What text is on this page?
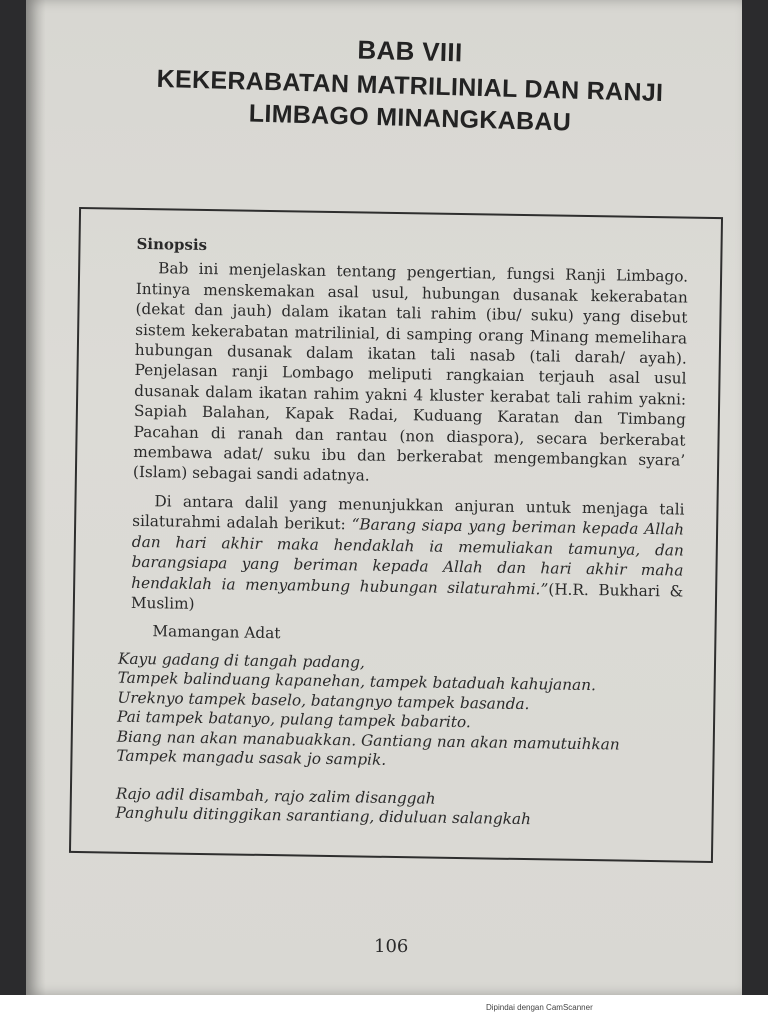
BAB VIII
KEKERABATAN MATRILINIAL DAN RANJI
LIMBAGO MINANGKABAU
Sinopsis

Bab ini menjelaskan tentang pengertian, fungsi Ranji Limbago. Intinya menskemakan asal usul, hubungan dusanak kekerabatan (dekat dan jauh) dalam ikatan tali rahim (ibu/ suku) yang disebut sistem kekerabatan matrilinial, di samping orang Minang memelihara hubungan dusanak dalam ikatan tali nasab (tali darah/ ayah). Penjelasan ranji Lombago meliputi rangkaian terjauh asal usul dusanak dalam ikatan rahim yakni 4 kluster kerabat tali rahim yakni: Sapiah Balahan, Kapak Radai, Kuduang Karatan dan Timbang Pacahan di ranah dan rantau (non diaspora), secara berkerabat membawa adat/ suku ibu dan berkerabat mengembangkan syara’ (Islam) sebagai sandi adatnya.

Di antara dalil yang menunjukkan anjuran untuk menjaga tali silaturahmi adalah berikut: “Barang siapa yang beriman kepada Allah dan hari akhir maka hendaklah ia memuliakan tamunya, dan barangsiapa yang beriman kepada Allah dan hari akhir maha hendaklah ia menyambung hubungan silaturahmi.”(H.R. Bukhari & Muslim)

Mamangan Adat
Kayu gadang di tangah padang,
Tampek balinduang kapanehan, tampek bataduah kahujanan.
Ureknyo tampek baselo, batangnyo tampek basanda.
Pai tampek batanyo, pulang tampek babarito.
Biang nan akan manabuakkan. Gantiang nan akan mamutuihkan
Tampek mangadu sasak jo sampik.
Rajo adil disambah, rajo zalim disanggah
Panghulu ditinggikan sarantiang, diduluan salangkah
106
Dipindai dengan CamScanner
